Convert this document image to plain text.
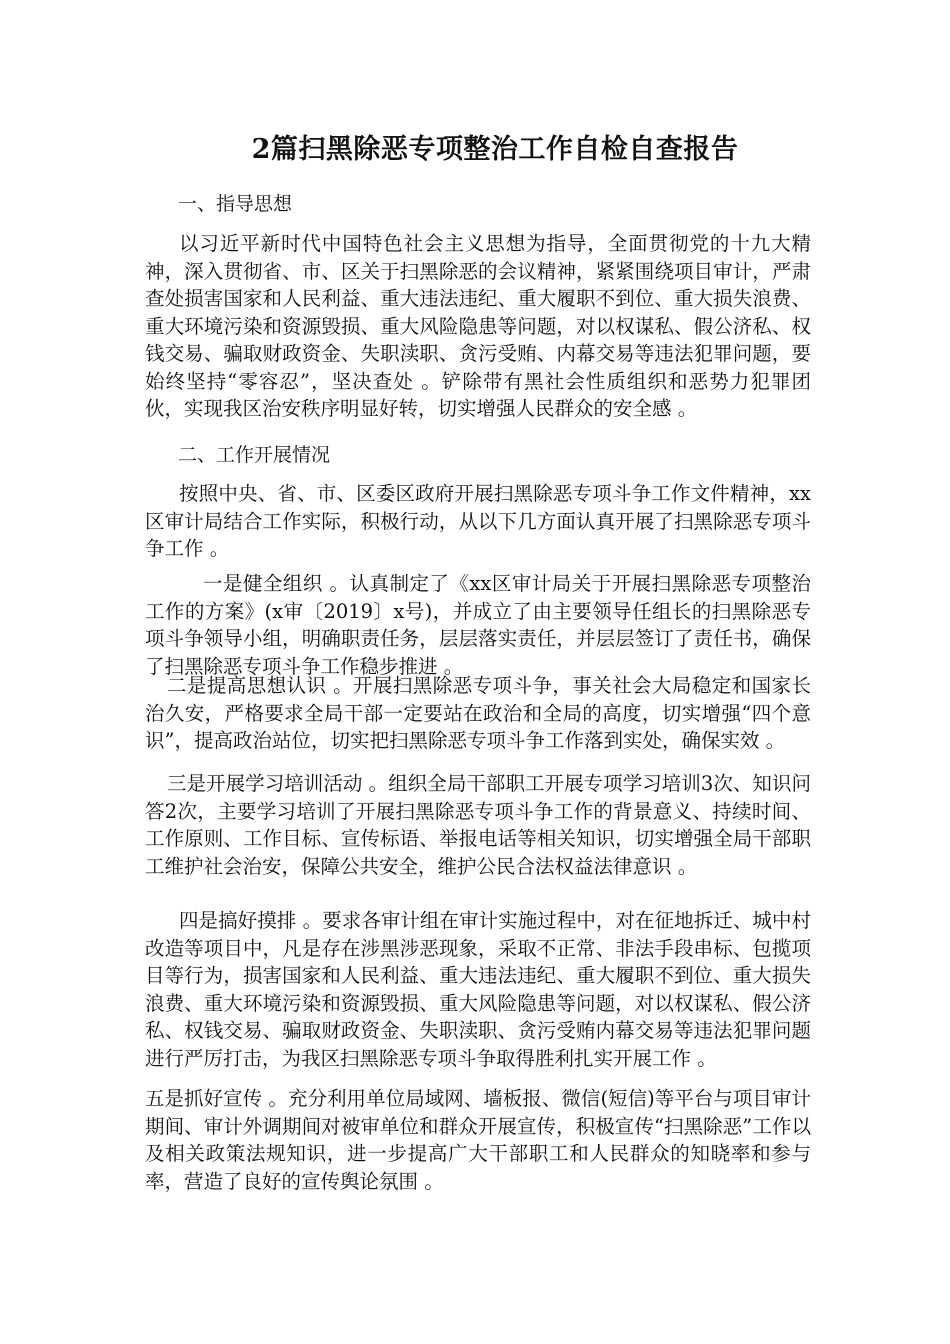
2篇扫黑除恶专项整治工作自检自查报告
一、指导思想
以习近平新时代中国特色社会主义思想为指导，全面贯彻党的十九大精神，深入贯彻省、市、区关于扫黑除恶的会议精神，紧紧围绕项目审计，严肃查处损害国家和人民利益、重大违法违纪、重大履职不到位、重大损失浪费、重大环境污染和资源毁损、重大风险隐患等问题，对以权谋私、假公济私、权钱交易、骗取财政资金、失职渎职、贪污受贿、内幕交易等违法犯罪问题，要始终坚持“零容忍”，坚决查处 。铲除带有黑社会性质组织和恶势力犯罪团伙，实现我区治安秩序明显好转，切实增强人民群众的安全感 。
二、工作开展情况
按照中央、省、市、区委区政府开展扫黑除恶专项斗争工作文件精神，xx区审计局结合工作实际，积极行动，从以下几方面认真开展了扫黑除恶专项斗争工作 。
一是健全组织 。认真制定了《xx区审计局关于开展扫黑除恶专项整治工作的方案》(x审〔2019〕x号)，并成立了由主要领导任组长的扫黑除恶专项斗争领导小组，明确职责任务，层层落实责任，并层层签订了责任书，确保了扫黑除恶专项斗争工作稳步推进 。
二是提高思想认识 。开展扫黑除恶专项斗争，事关社会大局稳定和国家长治久安，严格要求全局干部一定要站在政治和全局的高度，切实增强“四个意识”，提高政治站位，切实把扫黑除恶专项斗争工作落到实处，确保实效 。
三是开展学习培训活动 。组织全局干部职工开展专项学习培训3次、知识问答2次，主要学习培训了开展扫黑除恶专项斗争工作的背景意义、持续时间、工作原则、工作目标、宣传标语、举报电话等相关知识，切实增强全局干部职工维护社会治安，保障公共安全，维护公民合法权益法律意识 。
四是搞好摸排 。要求各审计组在审计实施过程中，对在征地拆迁、城中村改造等项目中，凡是存在涉黑涉恶现象，采取不正常、非法手段串标、包揽项目等行为，损害国家和人民利益、重大违法违纪、重大履职不到位、重大损失浪费、重大环境污染和资源毁损、重大风险隐患等问题，对以权谋私、假公济私、权钱交易、骗取财政资金、失职渎职、贪污受贿内幕交易等违法犯罪问题进行严厉打击，为我区扫黑除恶专项斗争取得胜利扎实开展工作 。
五是抓好宣传 。充分利用单位局域网、墙板报、微信(短信)等平台与项目审计期间、审计外调期间对被审单位和群众开展宣传，积极宣传“扫黑除恶”工作以及相关政策法规知识，进一步提高广大干部职工和人民群众的知晓率和参与率，营造了良好的宣传舆论氛围 。
